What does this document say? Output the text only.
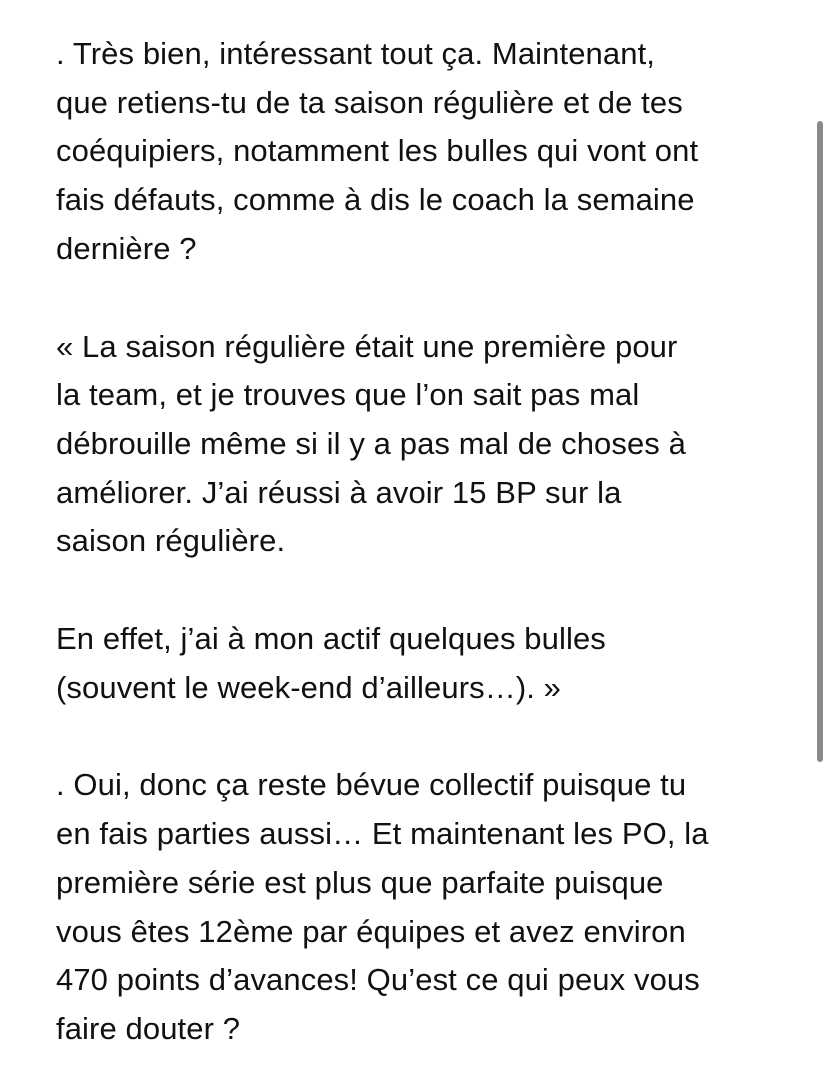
. Très bien, intéressant tout ça. Maintenant,
que retiens-tu de ta saison régulière et de tes
coéquipiers, notamment les bulles qui vont ont
fais défauts, comme à dis le coach la semaine
dernière ?

« La saison régulière était une première pour
la team, et je trouves que l’on sait pas mal
débrouille même si il y a pas mal de choses à
améliorer. J’ai réussi à avoir 15 BP sur la
saison régulière.

En effet, j’ai à mon actif quelques bulles
(souvent le week-end d’ailleurs…). »

. Oui, donc ça reste bévue collectif puisque tu
en fais parties aussi… Et maintenant les PO, la
première série est plus que parfaite puisque
vous êtes 12ème par équipes et avez environ
470 points d’avances! Qu’est ce qui peux vous
faire douter ?
